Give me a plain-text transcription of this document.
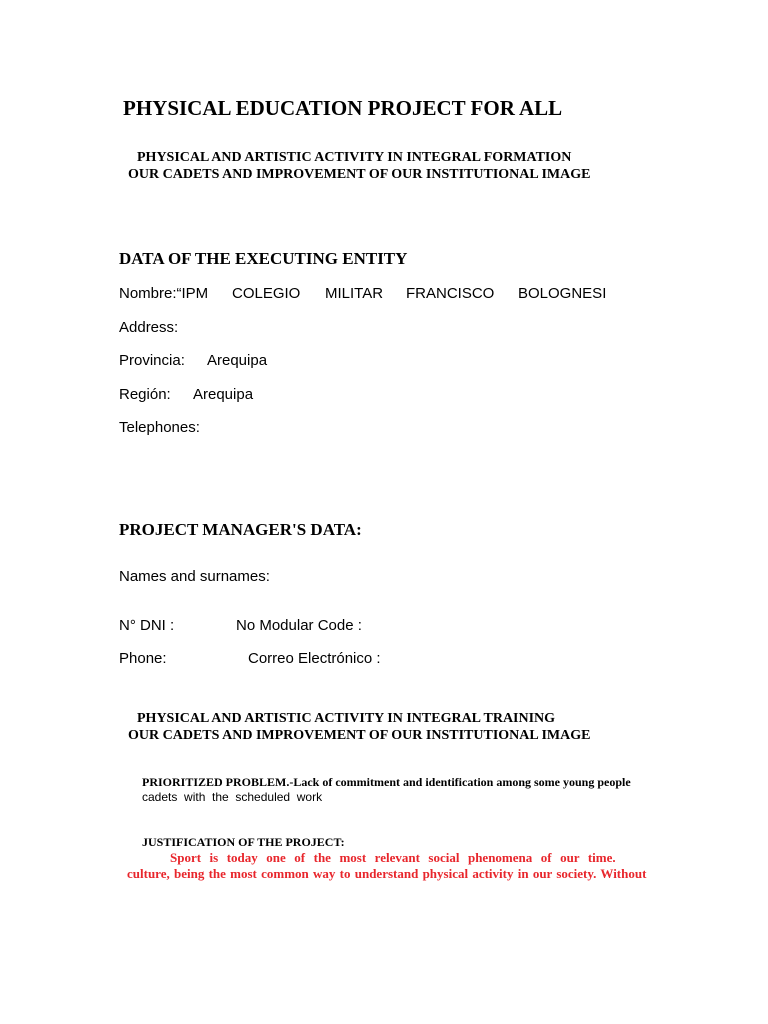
PHYSICAL EDUCATION PROJECT FOR ALL
PHYSICAL AND ARTISTIC ACTIVITY IN INTEGRAL FORMATION
OUR CADETS AND IMPROVEMENT OF OUR INSTITUTIONAL IMAGE
DATA OF THE EXECUTING ENTITY
Nombre:“IPM COLEGIO MILITAR FRANCISCO BOLOGNESI
Address:
Provincia: Arequipa
Región: Arequipa
Telephones:
PROJECT MANAGER'S DATA:
Names and surnames:
N° DNI :	No Modular Code :
Phone:	Correo Electrónico :
PHYSICAL AND ARTISTIC ACTIVITY IN INTEGRAL TRAINING
OUR CADETS AND IMPROVEMENT OF OUR INSTITUTIONAL IMAGE
PRIORITIZED PROBLEM.-Lack of commitment and identification among some young people
cadets  with  the  scheduled  work
JUSTIFICATION OF THE PROJECT:
Sport  is  today  one  of  the  most  relevant  social  phenomena  of  our  time.
culture, being the most common way to understand physical activity in our society. Without
